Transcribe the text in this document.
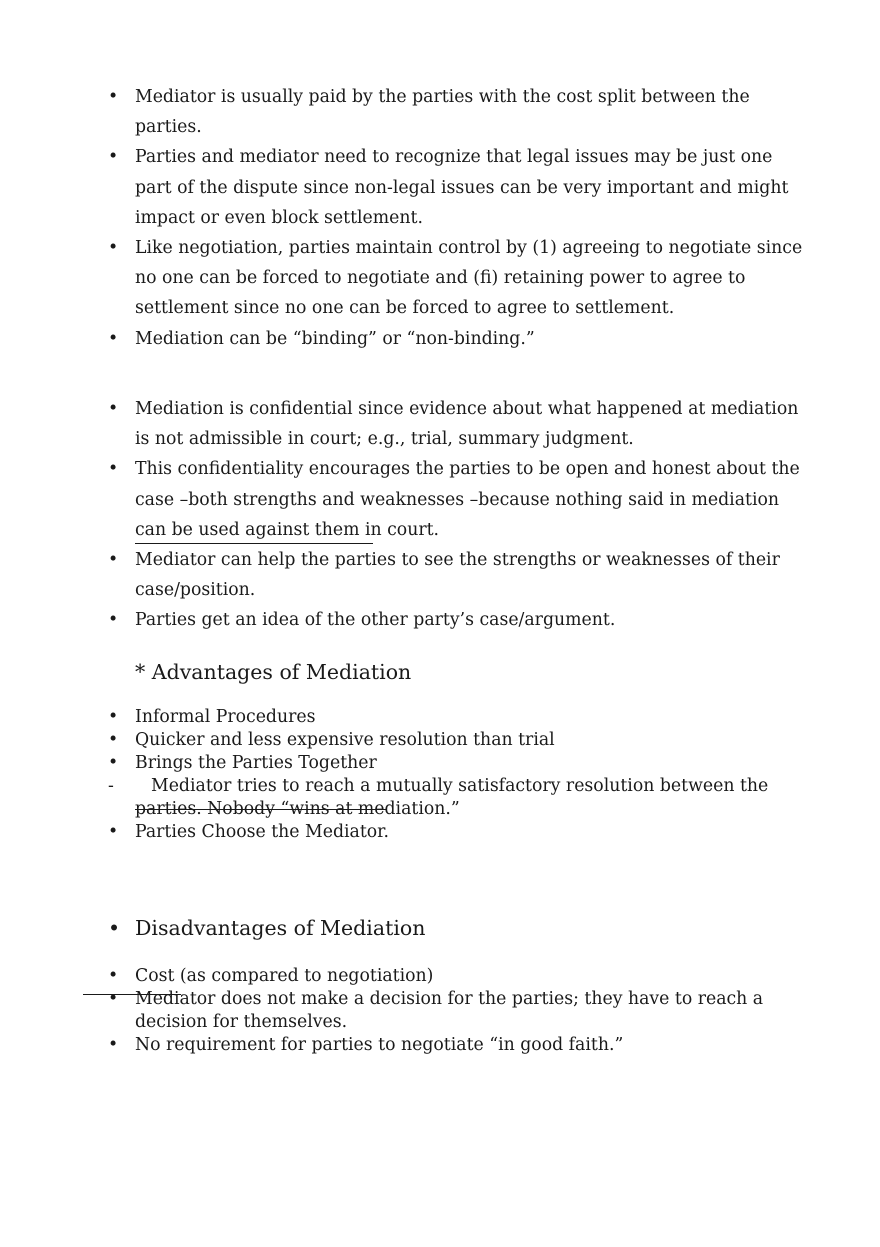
• Mediator is usually paid by the parties with the cost split between the parties.
• Parties and mediator need to recognize that legal issues may be just one part of the dispute since non-legal issues can be very important and might impact or even block settlement.
• Like negotiation, parties maintain control by (1) agreeing to negotiate since no one can be forced to negotiate and (fi) retaining power to agree to settlement since no one can be forced to agree to settlement.
• Mediation can be “binding” or “non-binding.”
• Mediation is confidential since evidence about what happened at mediation is not admissible in court; e.g., trial, summary judgment.
• This confidentiality encourages the parties to be open and honest about the case –both strengths and weaknesses –because nothing said in mediation can be used against them in court.
• Mediator can help the parties to see the strengths or weaknesses of their case/position.
• Parties get an idea of the other party’s case/argument.
* Advantages of Mediation
• Informal Procedures
• Quicker and less expensive resolution than trial
• Brings the Parties Together
- Mediator tries to reach a mutually satisfactory resolution between the parties. Nobody “wins at mediation.”
• Parties Choose the Mediator.
• Disadvantages of Mediation
• Cost (as compared to negotiation)
• Mediator does not make a decision for the parties; they have to reach a decision for themselves.
• No requirement for parties to negotiate “in good faith.”
